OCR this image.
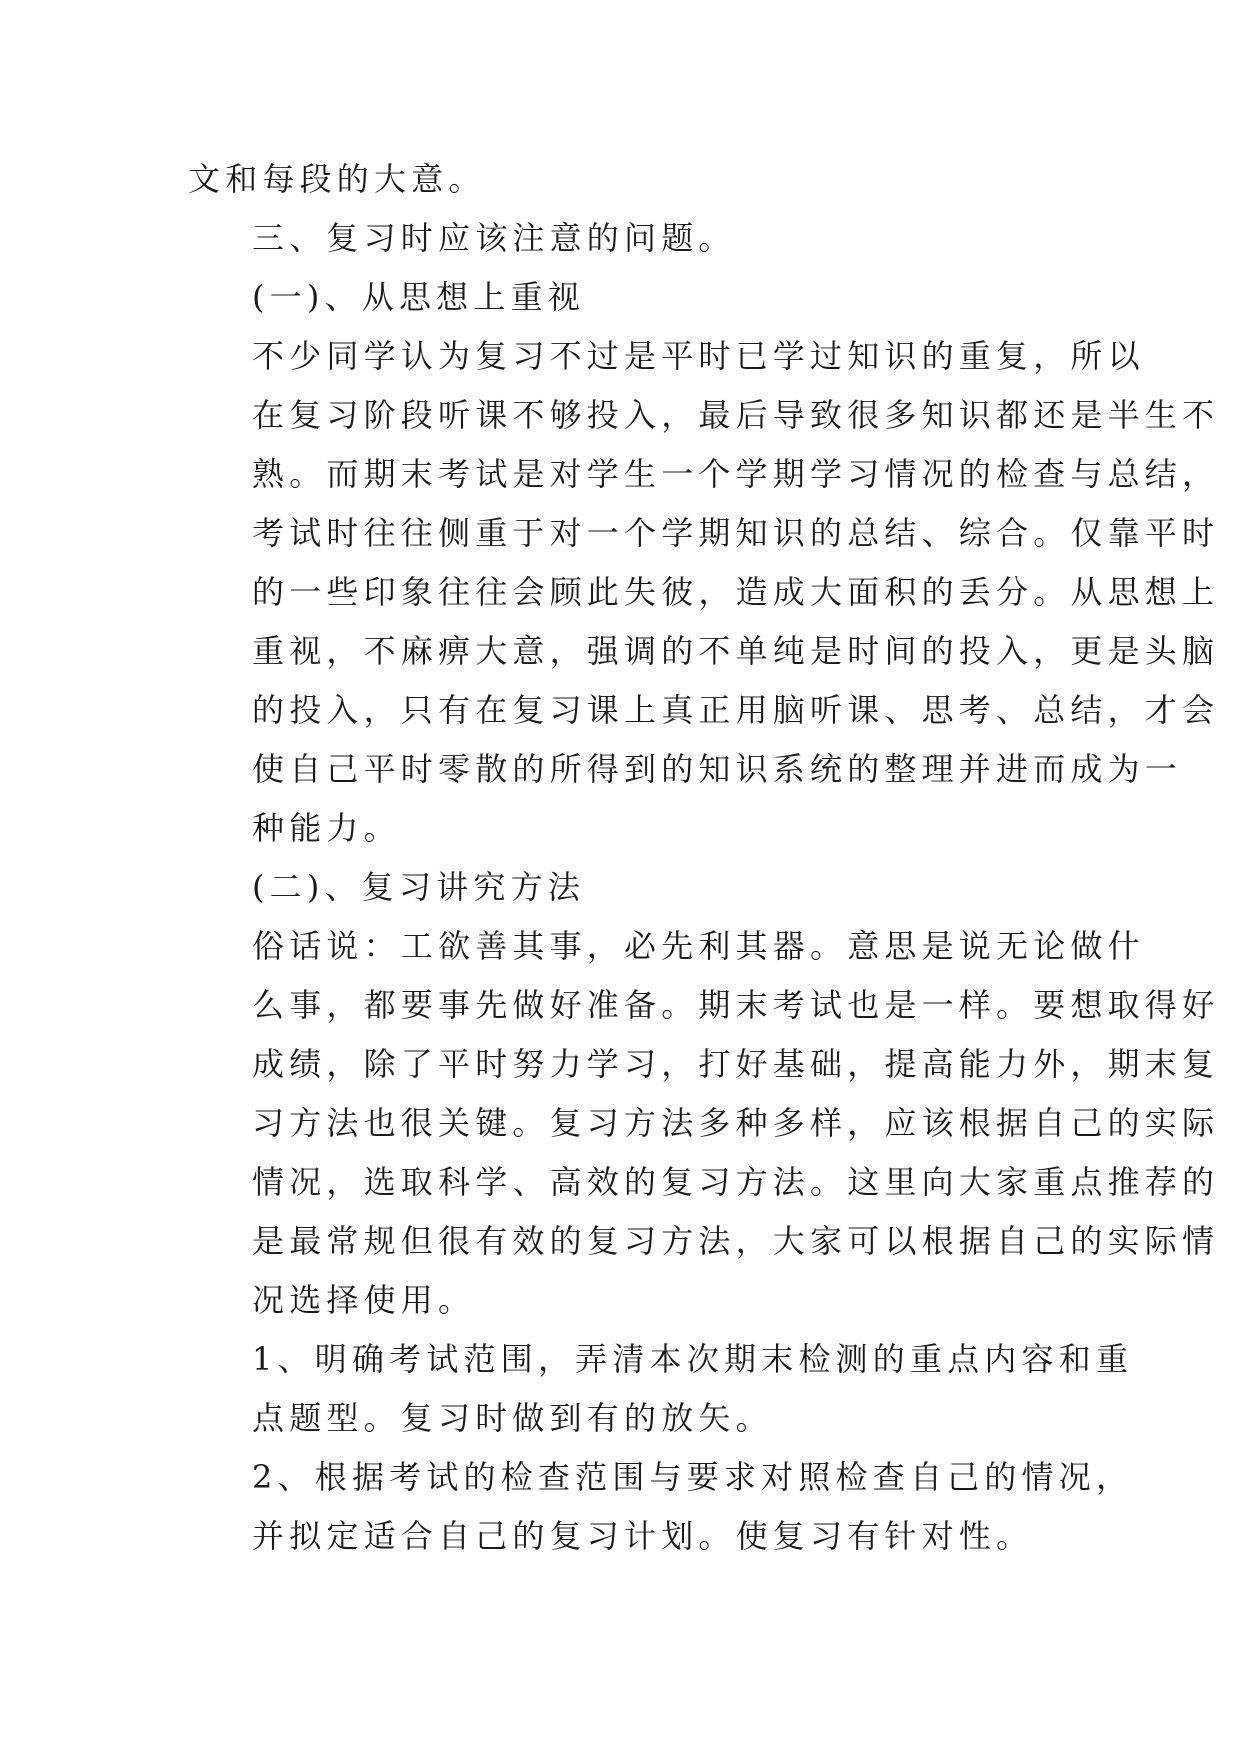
文和每段的大意。

三、复习时应该注意的问题。

(一)、从思想上重视

不少同学认为复习不过是平时已学过知识的重复，所以
在复习阶段听课不够投入，最后导致很多知识都还是半生不
熟。而期末考试是对学生一个学期学习情况的检查与总结，
考试时往往侧重于对一个学期知识的总结、综合。仅靠平时
的一些印象往往会顾此失彼，造成大面积的丢分。从思想上
重视，不麻痹大意，强调的不单纯是时间的投入，更是头脑
的投入，只有在复习课上真正用脑听课、思考、总结，才会
使自己平时零散的所得到的知识系统的整理并进而成为一
种能力。

(二)、复习讲究方法

俗话说：工欲善其事，必先利其器。意思是说无论做什
么事，都要事先做好准备。期末考试也是一样。要想取得好
成绩，除了平时努力学习，打好基础，提高能力外，期末复
习方法也很关键。复习方法多种多样，应该根据自己的实际
情况，选取科学、高效的复习方法。这里向大家重点推荐的
是最常规但很有效的复习方法，大家可以根据自己的实际情
况选择使用。

1、明确考试范围，弄清本次期末检测的重点内容和重
点题型。复习时做到有的放矢。

2、根据考试的检查范围与要求对照检查自己的情况，
并拟定适合自己的复习计划。使复习有针对性。
